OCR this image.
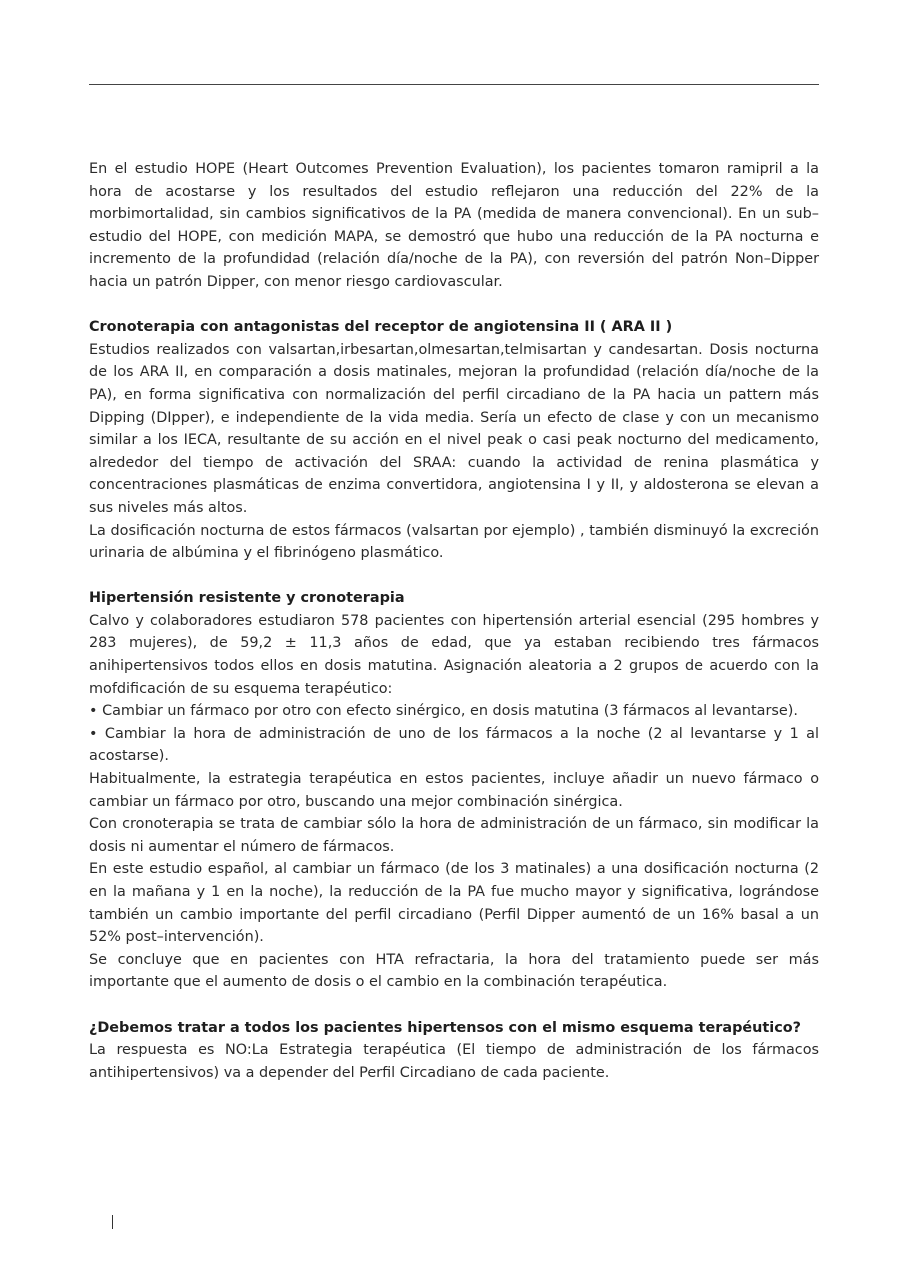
En el estudio HOPE (Heart Outcomes Prevention Evaluation), los pacientes tomaron ramipril a la hora de acostarse y los resultados del estudio reflejaron una reducción del 22% de la morbimortalidad, sin cambios significativos de la PA (medida de manera convencional). En un sub–estudio del HOPE, con medición MAPA, se demostró que hubo una reducción de la PA nocturna e incremento de la profundidad (relación día/noche de la PA), con reversión del patrón Non–Dipper hacia un patrón Dipper, con menor riesgo cardiovascular.

Cronoterapia con antagonistas del receptor de angiotensina II ( ARA II )

Estudios realizados con valsartan,irbesartan,olmesartan,telmisartan y candesartan. Dosis nocturna de los ARA II, en comparación a dosis matinales, mejoran la profundidad (relación día/noche de la PA), en forma significativa con normalización del perfil circadiano de la PA hacia un pattern más Dipping (DIpper), e independiente de la vida media. Sería un efecto de clase y con un mecanismo similar a los IECA, resultante de su acción en el nivel peak o casi peak nocturno del medicamento, alrededor del tiempo de activación del SRAA: cuando la actividad de renina plasmática y concentraciones plasmáticas de enzima convertidora, angiotensina I y II, y aldosterona se elevan a sus niveles más altos.

La dosificación nocturna de estos fármacos (valsartan por ejemplo) , también disminuyó la excreción urinaria de albúmina y el fibrinógeno plasmático.

Hipertensión resistente y cronoterapia

Calvo y colaboradores estudiaron 578 pacientes con hipertensión arterial esencial (295 hombres y 283 mujeres), de 59,2 ± 11,3 años de edad, que ya estaban recibiendo tres fármacos anihipertensivos todos ellos en dosis matutina. Asignación aleatoria a 2 grupos de acuerdo con la mofdificación de su esquema terapéutico:

• Cambiar un fármaco por otro con efecto sinérgico, en dosis matutina (3 fármacos al levantarse).

• Cambiar la hora de administración de uno de los fármacos a la noche (2 al levantarse y 1 al acostarse).

Habitualmente, la estrategia terapéutica en estos pacientes, incluye añadir un nuevo fármaco o cambiar un fármaco por otro, buscando una mejor combinación sinérgica.

Con cronoterapia se trata de cambiar sólo la hora de administración de un fármaco, sin modificar la dosis ni aumentar el número de fármacos.

En este estudio español, al cambiar un fármaco (de los 3 matinales) a una dosificación nocturna (2 en la mañana y 1 en la noche), la reducción de la PA fue mucho mayor y significativa, lográndose también un cambio importante del perfil circadiano (Perfil Dipper aumentó de un 16% basal a un 52% post–intervención).

Se concluye que en pacientes con HTA refractaria, la hora del tratamiento puede ser más importante que el aumento de dosis o el cambio en la combinación terapéutica.

¿Debemos tratar a todos los pacientes hipertensos con el mismo esquema terapéutico?

La respuesta es NO:La Estrategia terapéutica (El tiempo de administración de los fármacos antihipertensivos) va a depender del Perfil Circadiano de cada paciente.
